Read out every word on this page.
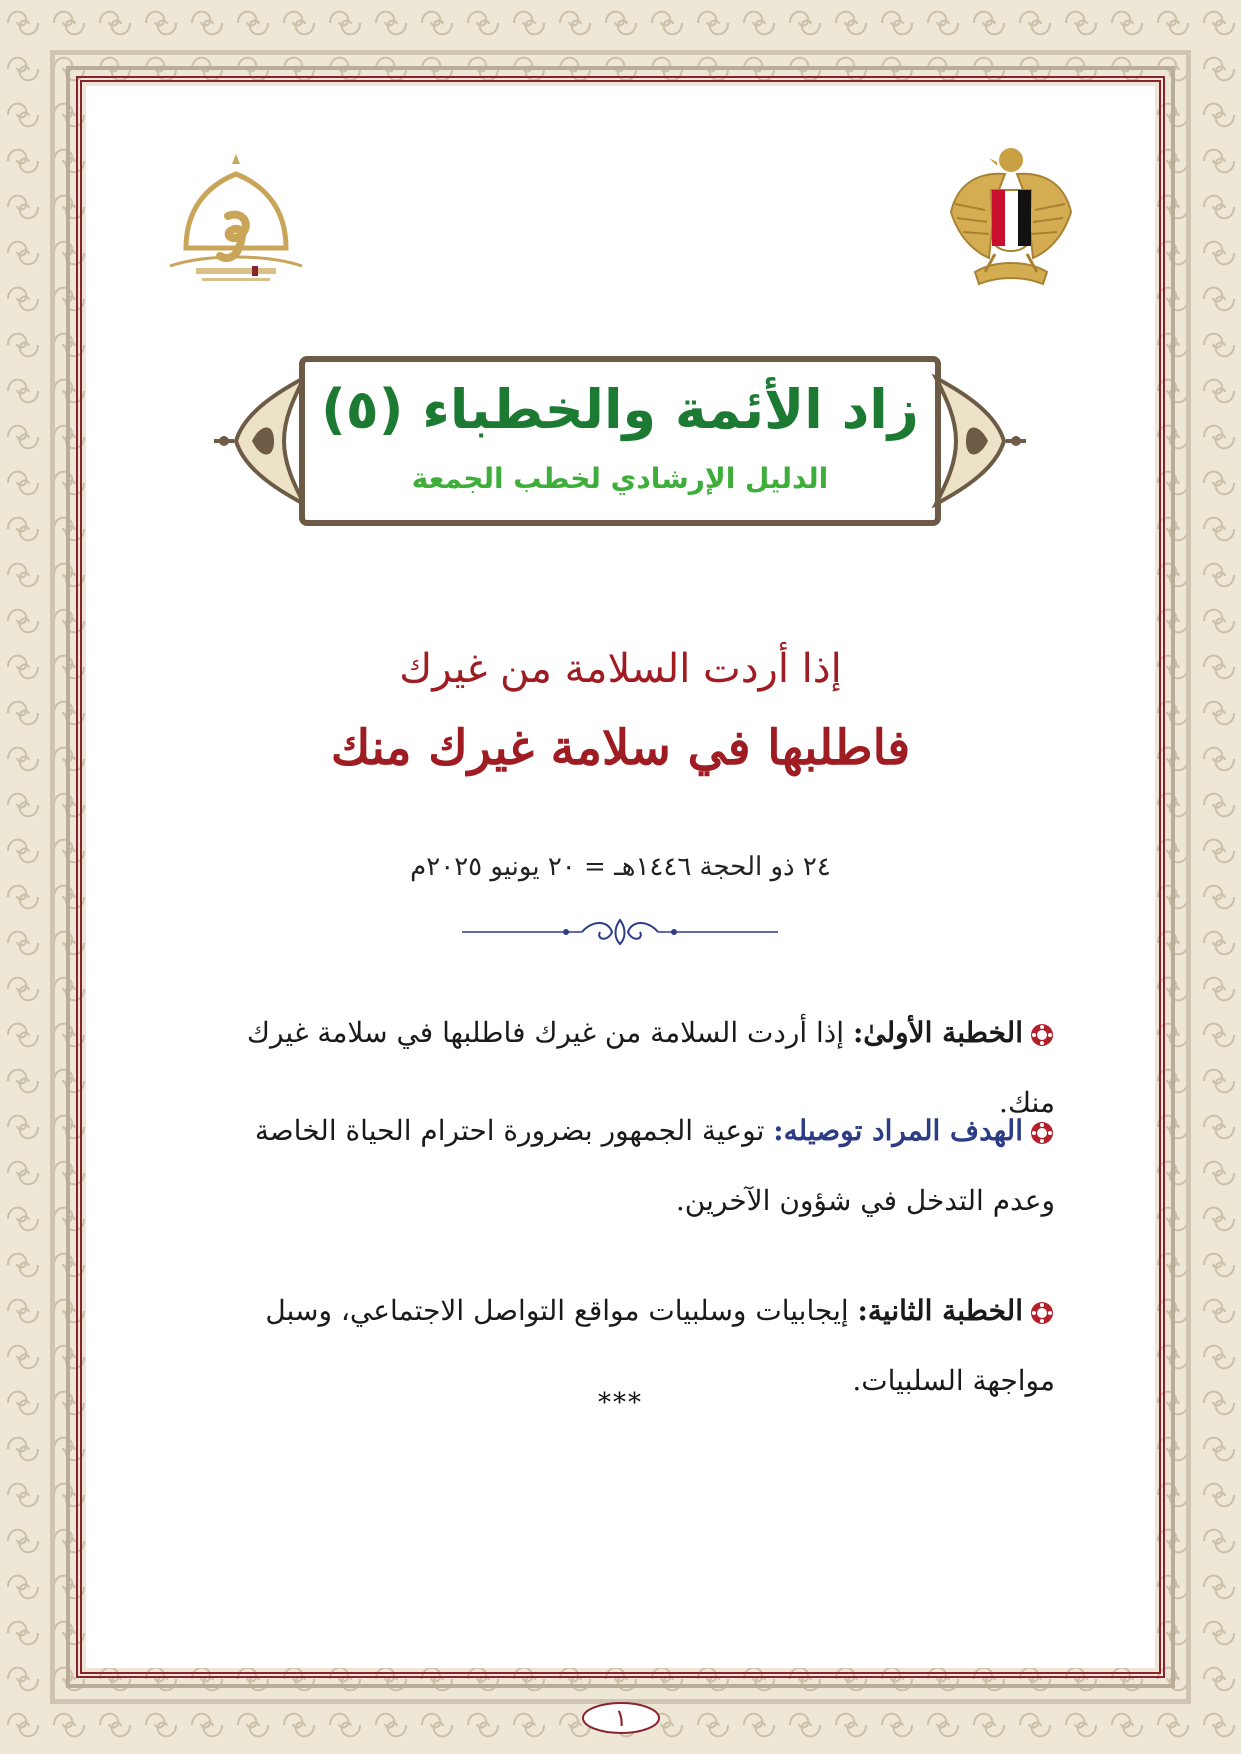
زاد الأئمة والخطباء (٥)
الدليل الإرشادي لخطب الجمعة
إذا أردت السلامة من غيرك
فاطلبها في سلامة غيرك منك
٢٤ ذو الحجة ١٤٤٦هـ = ٢٠ يونيو ٢٠٢٥م
الخطبة الأولىٰ: إذا أردت السلامة من غيرك فاطلبها في سلامة غيرك منك.
الهدف المراد توصيله: توعية الجمهور بضرورة احترام الحياة الخاصة وعدم التدخل في شؤون الآخرين.
الخطبة الثانية: إيجابيات وسلبيات مواقع التواصل الاجتماعي، وسبل مواجهة السلبيات.
***
١
